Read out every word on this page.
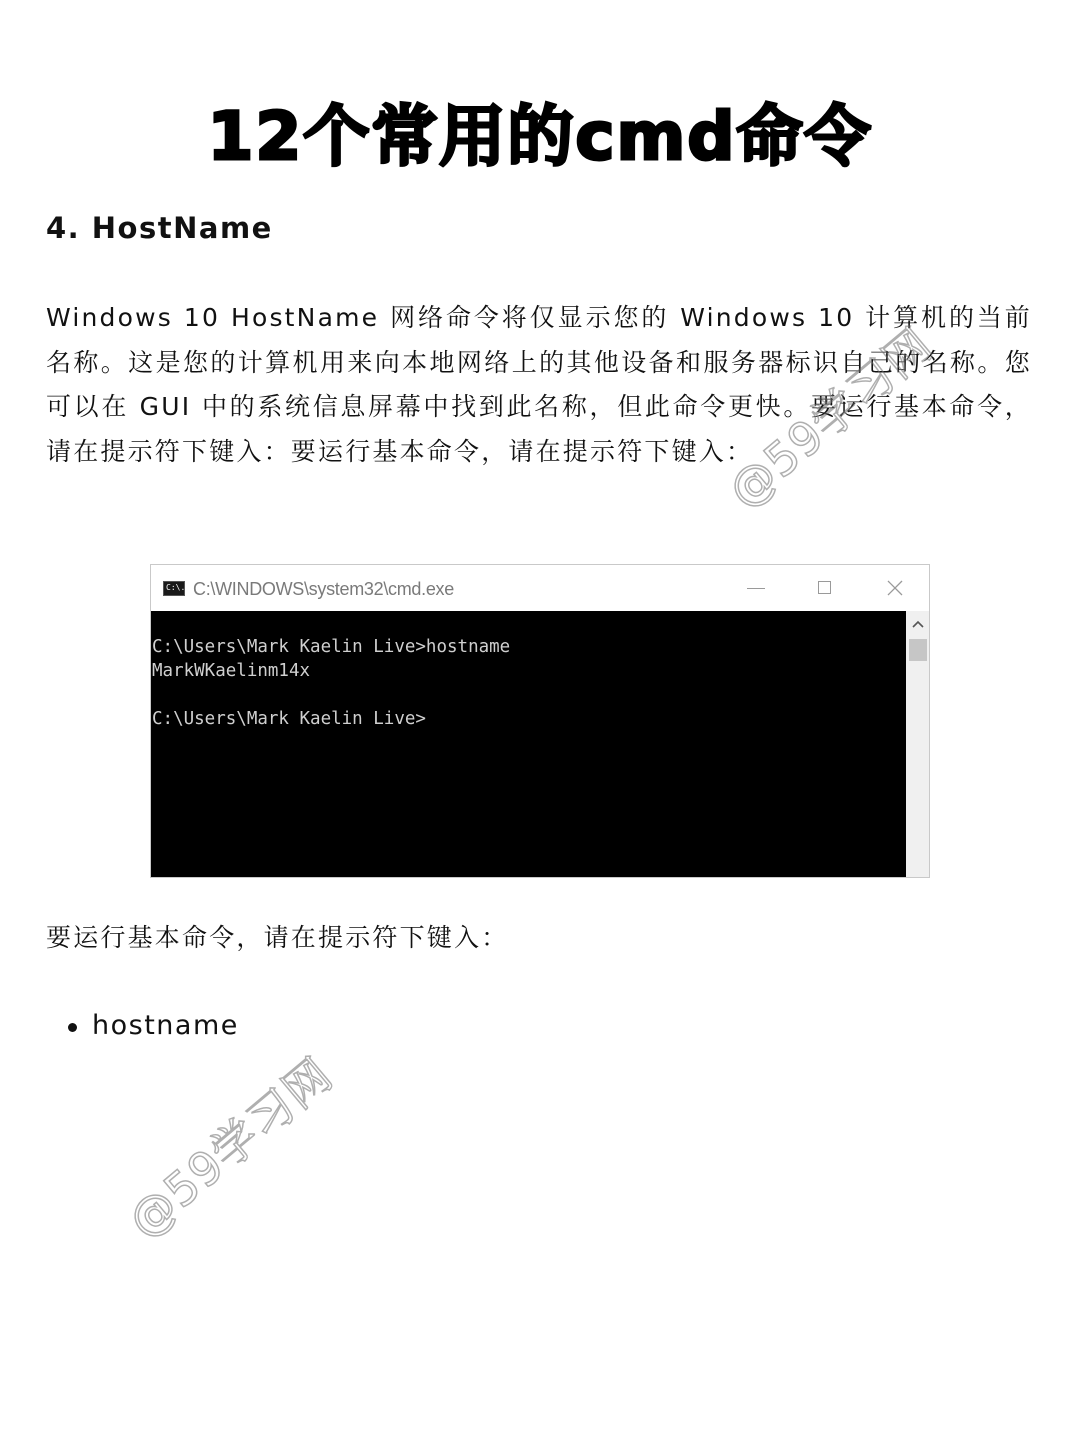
12个常用的cmd命令
4. HostName

Windows 10 HostName 网络命令将仅显示您的 Windows 10 计算机的当前名称。这是您的计算机用来向本地网络上的其他设备和服务器标识自己的名称。您可以在 GUI 中的系统信息屏幕中找到此名称，但此命令更快。要运行基本命令，请在提示符下键入：要运行基本命令，请在提示符下键入：

C:\. C:\WINDOWS\system32\cmd.exe
C:\Users\Mark Kaelin Live>hostname
MarkWKaelinm14x
C:\Users\Mark Kaelin Live>
要运行基本命令，请在提示符下键入：
hostname
@59学习网
@59学习网
